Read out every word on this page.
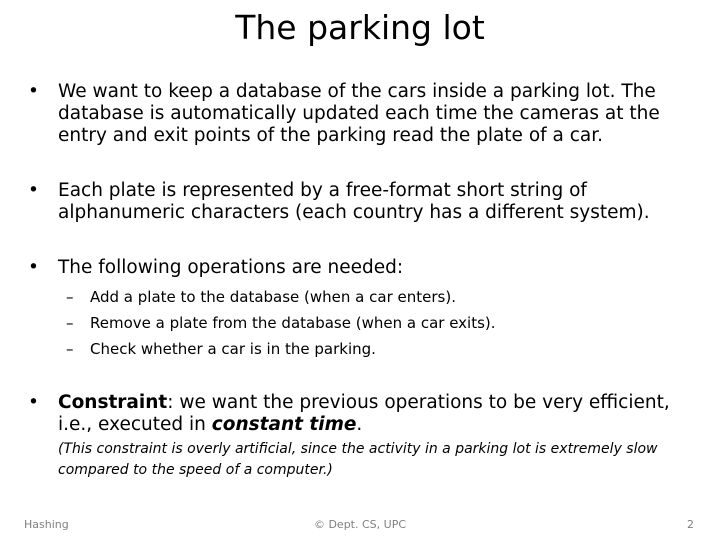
The parking lot
•	We want to keep a database of the cars inside a parking lot. The database is automatically updated each time the cameras at the entry and exit points of the parking read the plate of a car.
•	Each plate is represented by a free-format short string of alphanumeric characters (each country has a different system).
•	The following operations are needed:
– Add a plate to the database (when a car enters).
– Remove a plate from the database (when a car exits).
– Check whether a car is in the parking.
•	Constraint: we want the previous operations to be very efficient, i.e., executed in constant time.
(This constraint is overly artificial, since the activity in a parking lot is extremely slow compared to the speed of a computer.)
Hashing	© Dept. CS, UPC	2
